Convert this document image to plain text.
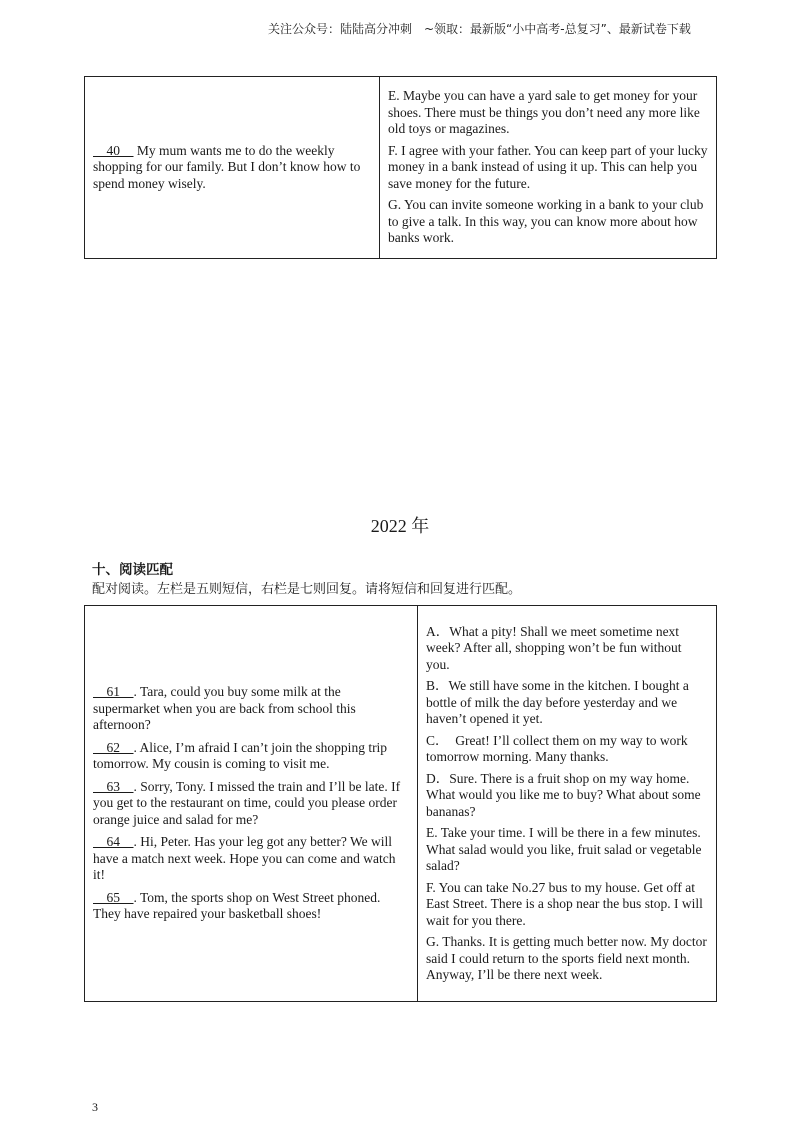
关注公众号：陆陆高分冲刺　~领取：最新版“小中高考-总复习”、最新试卷下载

40     My mum wants me to do the weekly shopping for our family. But I don’t know how to spend money wisely.

E. Maybe you can have a yard sale to get money for your shoes. There must be things you don’t need any more like old toys or magazines.

F. I agree with your father. You can keep part of your lucky money in a bank instead of using it up. This can help you save money for the future.

G. You can invite someone working in a bank to your club to give a talk. In this way, you can know more about how banks work.

2022 年
十、阅读匹配
配对阅读。左栏是五则短信，右栏是七则回复。请将短信和回复进行匹配。

61    . Tara, could you buy some milk at the supermarket when you are back from school this afternoon?

62    . Alice, I’m afraid I can’t join the shopping trip tomorrow. My cousin is coming to visit me.

63    . Sorry, Tony. I missed the train and I’ll be late. If you get to the restaurant on time, could you please order orange juice and salad for me?

64    . Hi, Peter. Has your leg got any better? We will have a match next week. Hope you can come and watch it!

65    . Tom, the sports shop on West Street phoned. They have repaired your basketball shoes!

A．What a pity! Shall we meet sometime next week? After all, shopping won’t be fun without you.

B．We still have some in the kitchen. I bought a bottle of milk the day before yesterday and we haven’t opened it yet.

C．　Great! I’ll collect them on my way to work tomorrow morning. Many thanks.

D．Sure. There is a fruit shop on my way home. What would you like me to buy? What about some bananas?

E. Take your time. I will be there in a few minutes. What salad would you like, fruit salad or vegetable salad?

F. You can take No.27 bus to my house. Get off at East Street. There is a shop near the bus stop. I will wait for you there.

G. Thanks. It is getting much better now. My doctor said I could return to the sports field next month. Anyway, I’ll be there next week.

3
